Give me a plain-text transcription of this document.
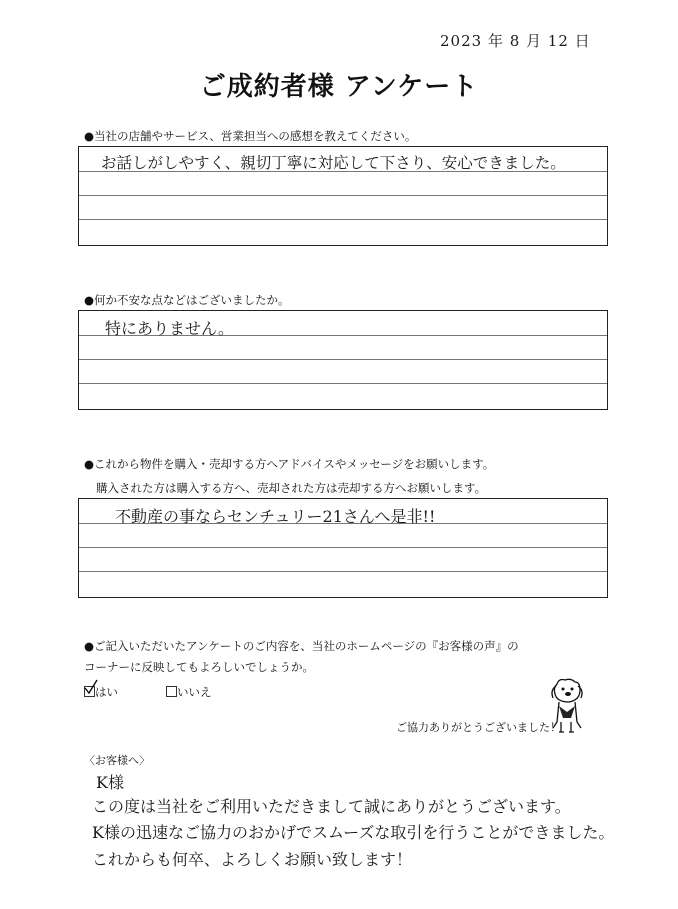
2023 年 8 月 12 日
ご成約者様 アンケート
●当社の店舗やサービス、営業担当への感想を教えてください。
お話しがしやすく、親切丁寧に対応して下さり、安心できました。
●何か不安な点などはございましたか。
特にありません。
●これから物件を購入・売却する方へアドバイスやメッセージをお願いします。
購入された方は購入する方へ、売却された方は売却する方へお願いします。
不動産の事ならセンチュリー21さんへ是非!!
●ご記入いただいたアンケートのご内容を、当社のホームページの『お客様の声』の
コーナーに反映してもよろしいでしょうか。
はい	いいえ
ご協力ありがとうございました！
〈お客様へ〉
K様
この度は当社をご利用いただきまして誠にありがとうございます。
K様の迅速なご協力のおかげでスムーズな取引を行うことができました。
これからも何卒、よろしくお願い致します！
